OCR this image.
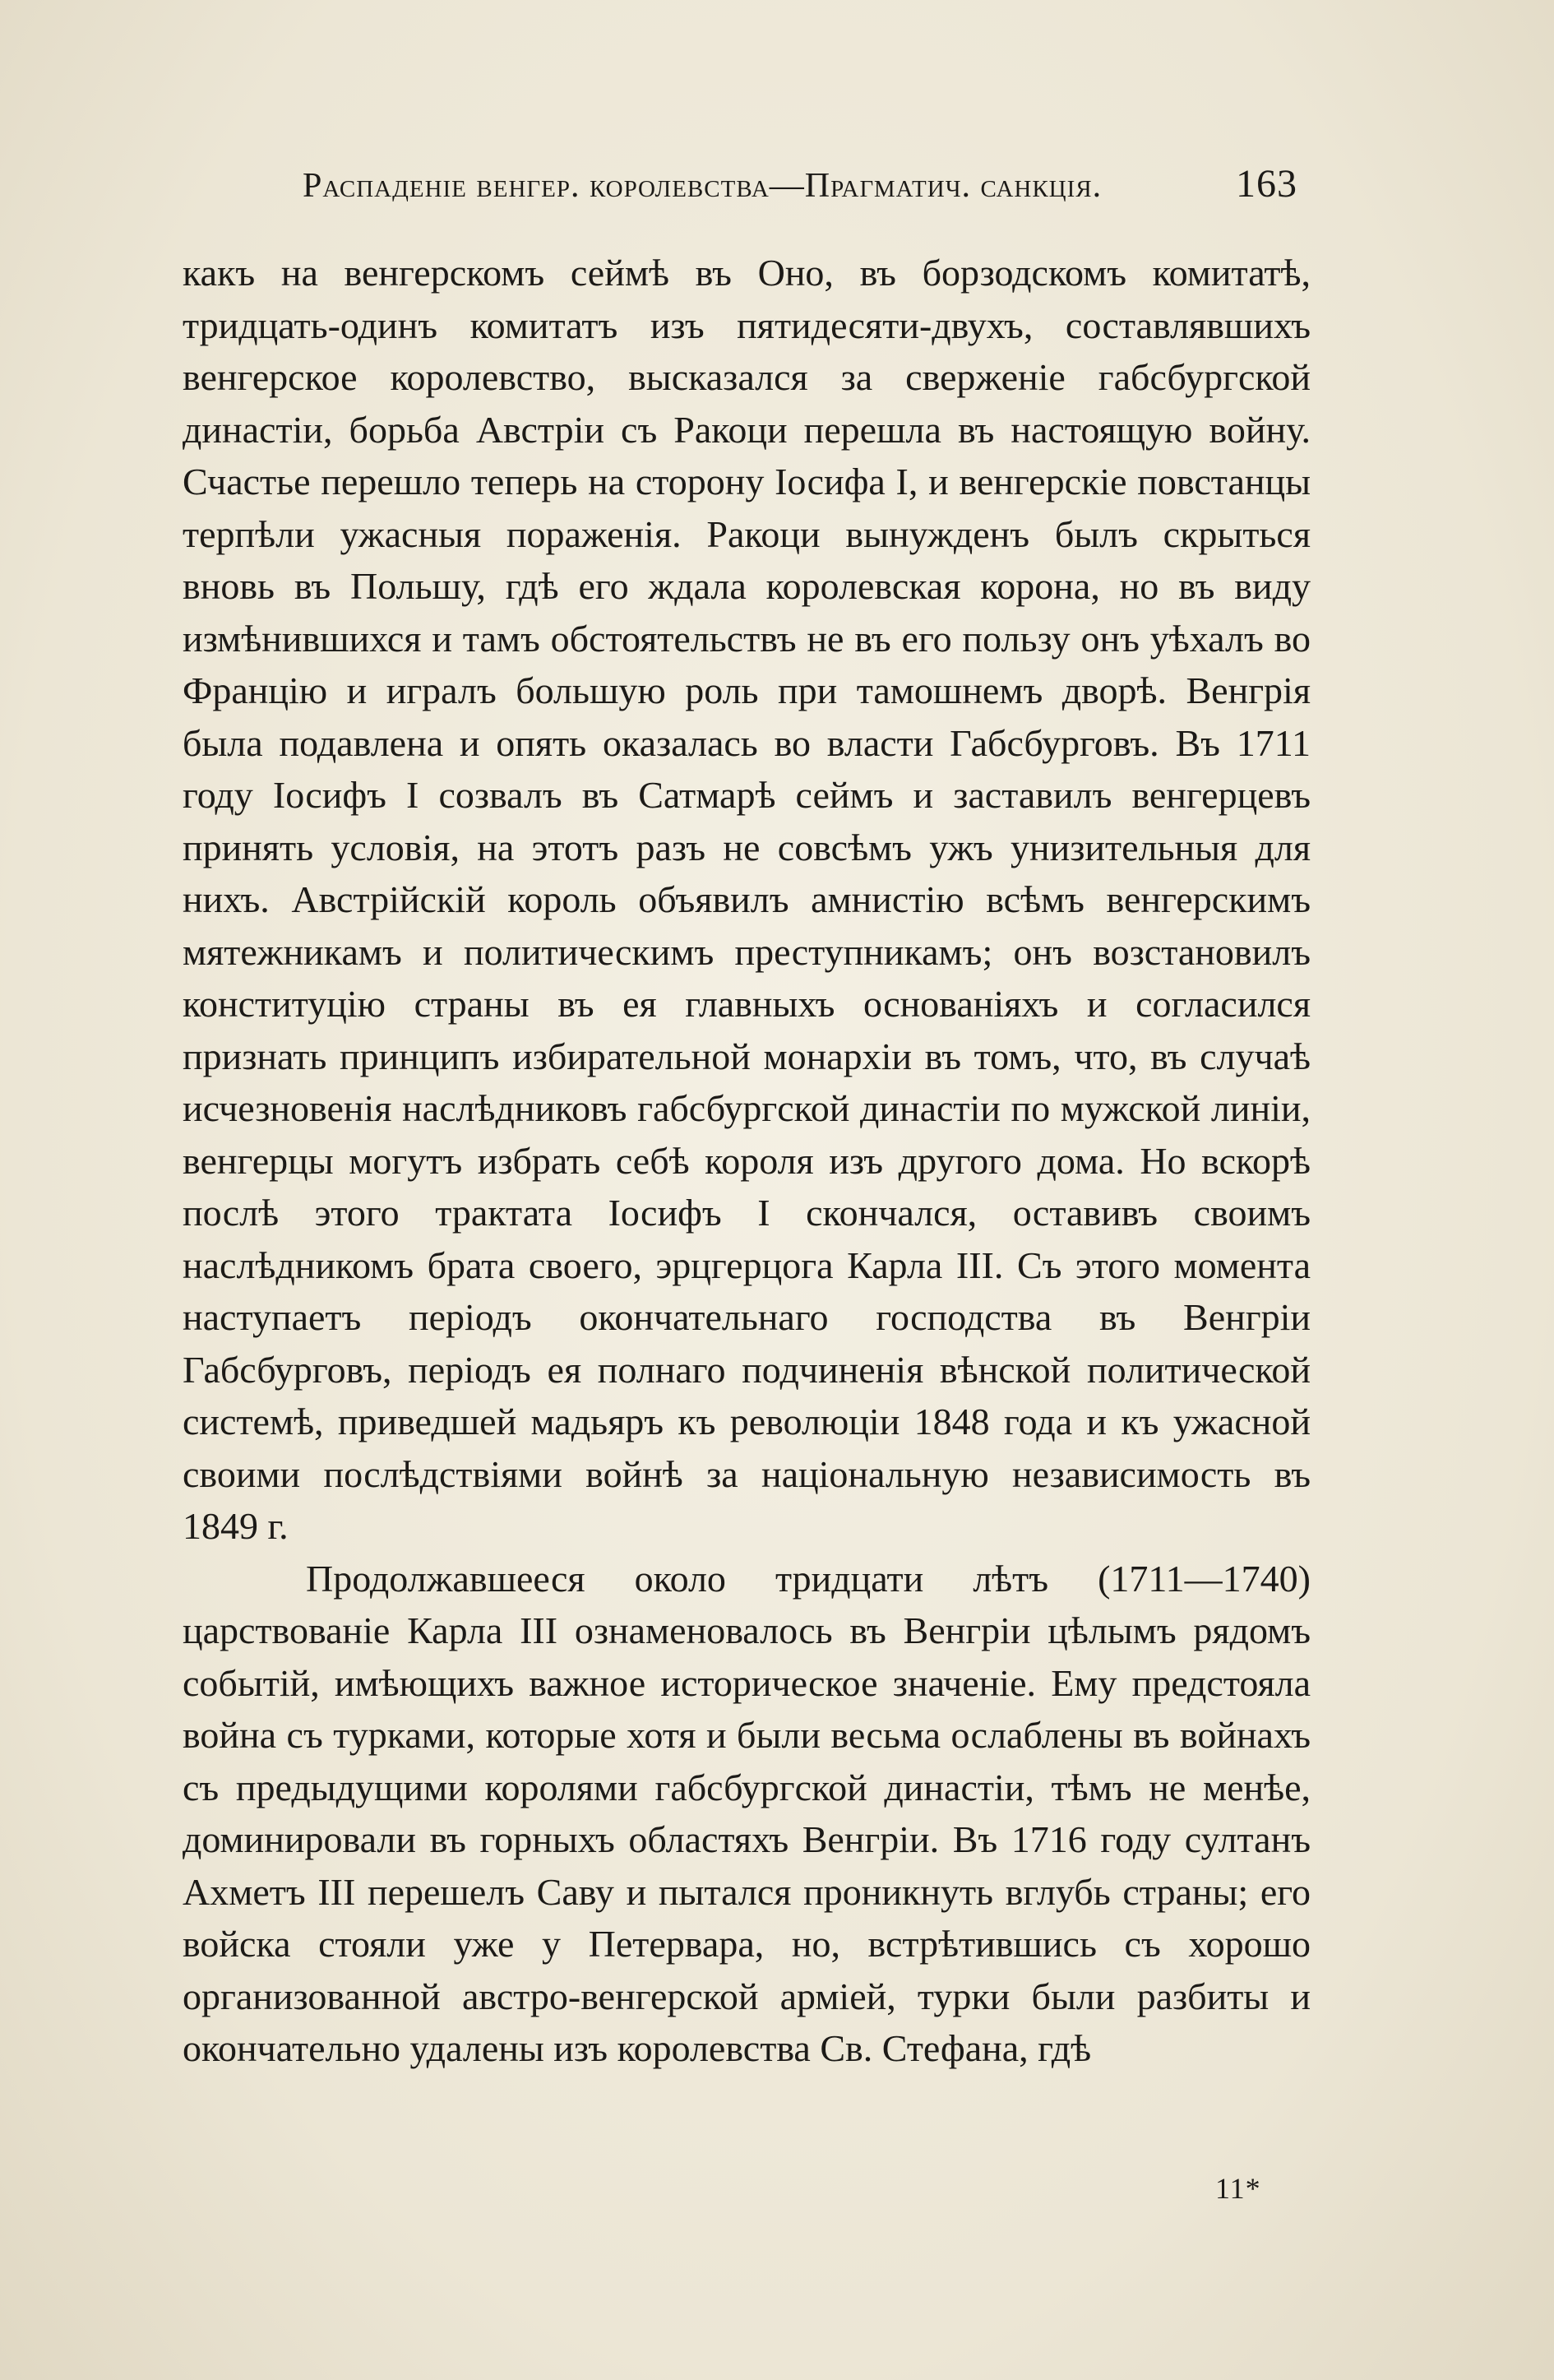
Распаденіе венгер. королевства—Прагматич. санкція.	163

какъ на венгерскомъ сеймѣ въ Оно, въ борзодскомъ комитатѣ, тридцать-одинъ комитатъ изъ пятидесяти-двухъ, составлявшихъ венгерское королевство, высказался за сверженіе габсбургской династіи, борьба Австріи съ Ракоци перешла въ настоящую войну. Счастье перешло теперь на сторону Іосифа I, и венгерскіе повстанцы терпѣли ужасныя пораженія. Ракоци вынужденъ былъ скрыться вновь въ Польшу, гдѣ его ждала королевская корона, но въ виду измѣнившихся и тамъ обстоятельствъ не въ его пользу онъ уѣхалъ во Францію и игралъ большую роль при тамошнемъ дворѣ. Венгрія была подавлена и опять оказалась во власти Габсбурговъ. Въ 1711 году Іосифъ I созвалъ въ Сатмарѣ сеймъ и заставилъ венгерцевъ принять условія, на этотъ разъ не совсѣмъ ужъ унизительныя для нихъ. Австрійскій король объявилъ амнистію всѣмъ венгерскимъ мятежникамъ и политическимъ преступникамъ; онъ возстановилъ конституцію страны въ ея главныхъ основаніяхъ и согласился признать принципъ избирательной монархіи въ томъ, что, въ случаѣ исчезновенія наслѣдниковъ габсбургской династіи по мужской линіи, венгерцы могутъ избрать себѣ короля изъ другого дома. Но вскорѣ послѣ этого трактата Іосифъ I скончался, оставивъ своимъ наслѣдникомъ брата своего, эрцгерцога Карла III. Съ этого момента наступаетъ періодъ окончательнаго господства въ Венгріи Габсбурговъ, періодъ ея полнаго подчиненія вѣнской политической системѣ, приведшей мадьяръ къ революціи 1848 года и къ ужасной своими послѣдствіями войнѣ за національную независимость въ 1849 г.

Продолжавшееся около тридцати лѣтъ (1711—1740) царствованіе Карла III ознаменовалось въ Венгріи цѣлымъ рядомъ событій, имѣющихъ важное историческое значеніе. Ему предстояла война съ турками, которые хотя и были весьма ослаблены въ войнахъ съ предыдущими королями габсбургской династіи, тѣмъ не менѣе, доминировали въ горныхъ областяхъ Венгріи. Въ 1716 году султанъ Ахметъ III перешелъ Саву и пытался проникнуть вглубь страны; его войска стояли уже у Петервара, но, встрѣтившись съ хорошо организованной австро-венгерской арміей, турки были разбиты и окончательно удалены изъ королевства Св. Стефана, гдѣ

11*
